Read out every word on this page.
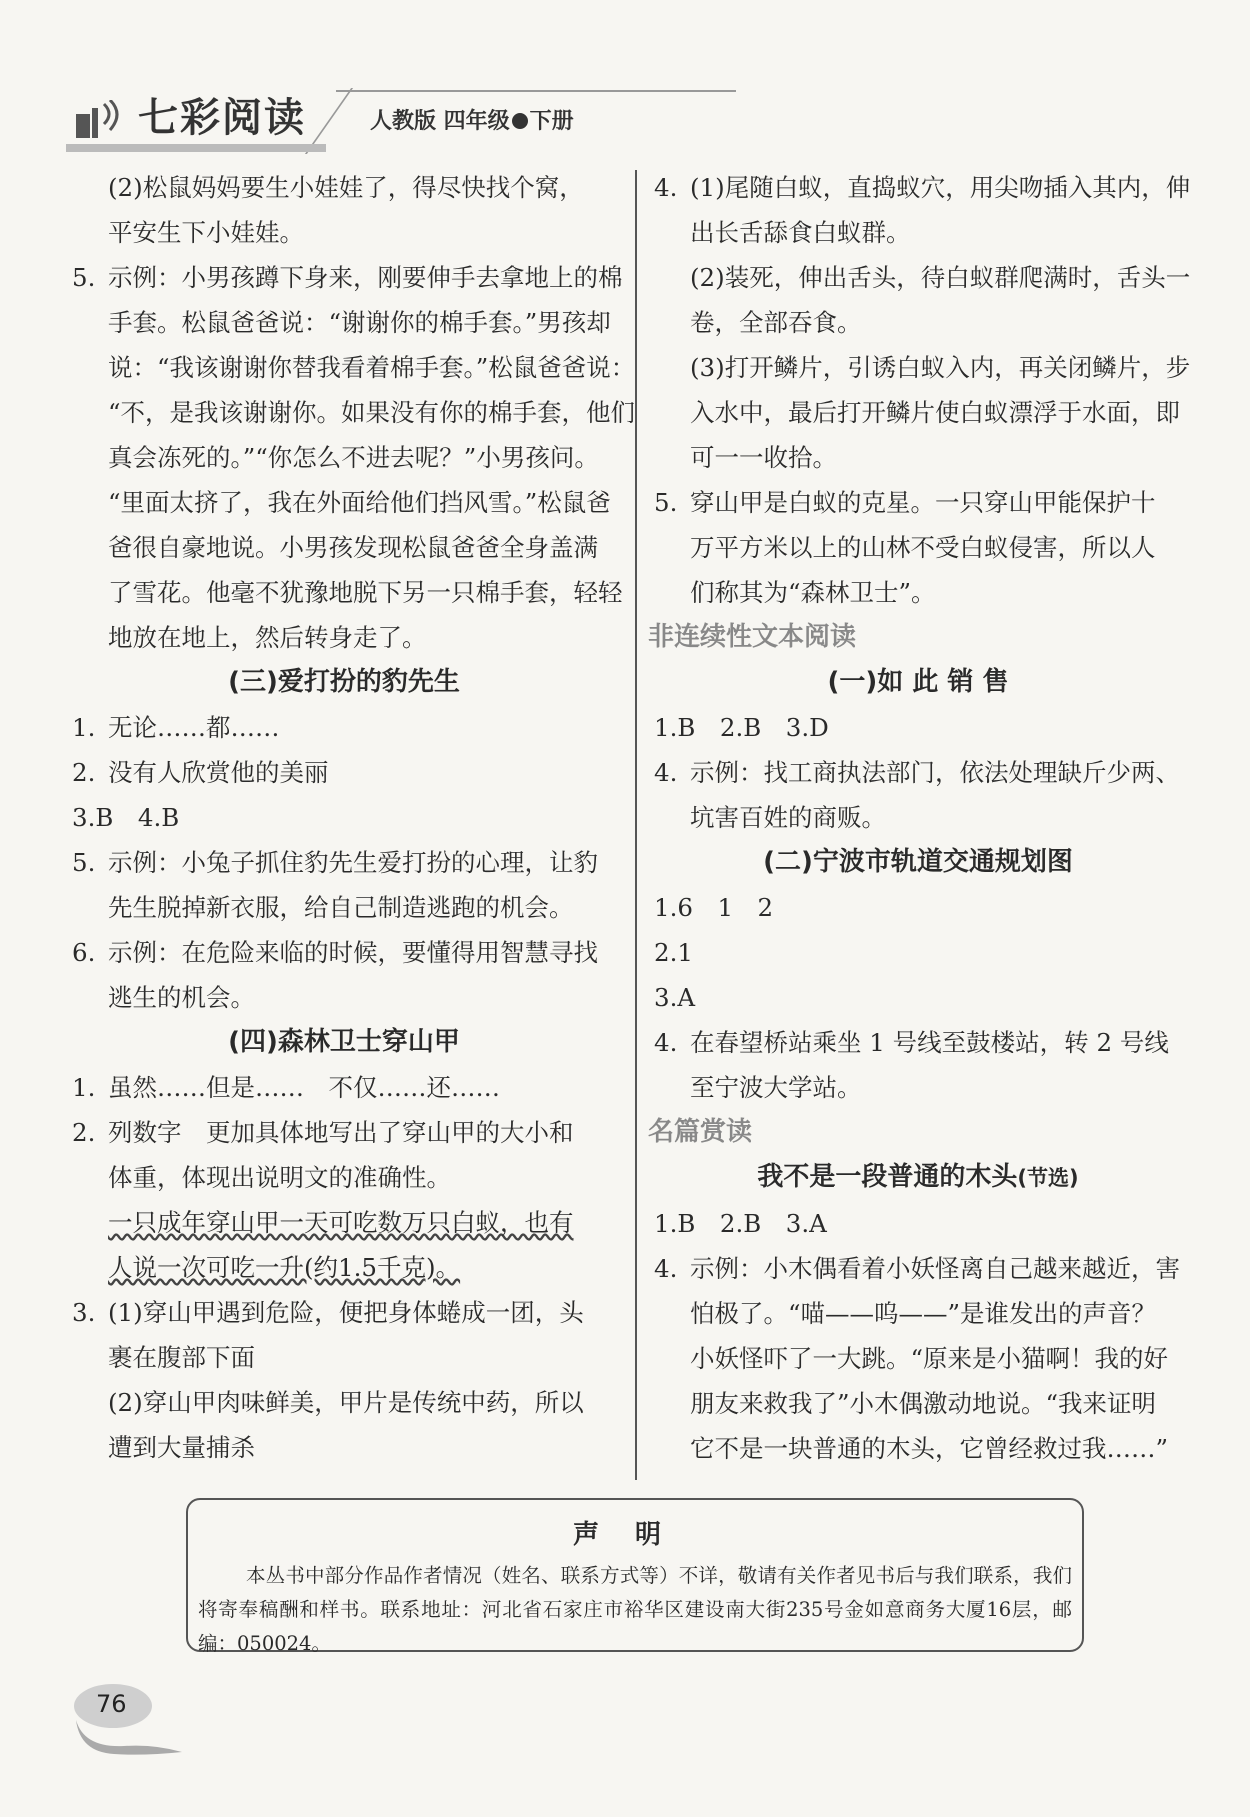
七彩阅读	人教版 四年级 下册
(2)松鼠妈妈要生小娃娃了，得尽快找个窝，
平安生下小娃娃。
5. 示例：小男孩蹲下身来，刚要伸手去拿地上的棉
手套。松鼠爸爸说：“谢谢你的棉手套。”男孩却
说：“我该谢谢你替我看着棉手套。”松鼠爸爸说：
“不，是我该谢谢你。如果没有你的棉手套，他们
真会冻死的。”“你怎么不进去呢？”小男孩问。
“里面太挤了，我在外面给他们挡风雪。”松鼠爸
爸很自豪地说。小男孩发现松鼠爸爸全身盖满
了雪花。他毫不犹豫地脱下另一只棉手套，轻轻
地放在地上，然后转身走了。
(三)爱打扮的豹先生
1. 无论……都……
2. 没有人欣赏他的美丽
3.B　4.B
5. 示例：小兔子抓住豹先生爱打扮的心理，让豹
先生脱掉新衣服，给自己制造逃跑的机会。
6. 示例：在危险来临的时候，要懂得用智慧寻找
逃生的机会。
(四)森林卫士穿山甲
1. 虽然……但是……　不仅……还……
2. 列数字　更加具体地写出了穿山甲的大小和
体重，体现出说明文的准确性。
一只成年穿山甲一天可吃数万只白蚁，也有
人说一次可吃一升(约1.5千克)。
3. (1)穿山甲遇到危险，便把身体蜷成一团，头
裹在腹部下面
(2)穿山甲肉味鲜美，甲片是传统中药，所以
遭到大量捕杀
4. (1)尾随白蚁，直捣蚁穴，用尖吻插入其内，伸
出长舌舔食白蚁群。
(2)装死，伸出舌头，待白蚁群爬满时，舌头一
卷，全部吞食。
(3)打开鳞片，引诱白蚁入内，再关闭鳞片，步
入水中，最后打开鳞片使白蚁漂浮于水面，即
可一一收拾。
5. 穿山甲是白蚁的克星。一只穿山甲能保护十
万平方米以上的山林不受白蚁侵害，所以人
们称其为“森林卫士”。
非连续性文本阅读
(一)如 此 销 售
1.B　2.B　3.D
4. 示例：找工商执法部门，依法处理缺斤少两、
坑害百姓的商贩。
(二)宁波市轨道交通规划图
1.6　1　2
2.1
3.A
4. 在春望桥站乘坐 1 号线至鼓楼站，转 2 号线
至宁波大学站。
名篇赏读
我不是一段普通的木头(节选)
1.B　2.B　3.A
4. 示例：小木偶看着小妖怪离自己越来越近，害
怕极了。“喵——呜——”是谁发出的声音？
小妖怪吓了一大跳。“原来是小猫啊！我的好
朋友来救我了”小木偶激动地说。“我来证明
它不是一块普通的木头，它曾经救过我……”
声明
本丛书中部分作品作者情况（姓名、联系方式等）不详，敬请有关作者见书后与我们联系，我们将寄奉稿酬和样书。联系地址：河北省石家庄市裕华区建设南大街235号金如意商务大厦16层，邮编：050024。
76
